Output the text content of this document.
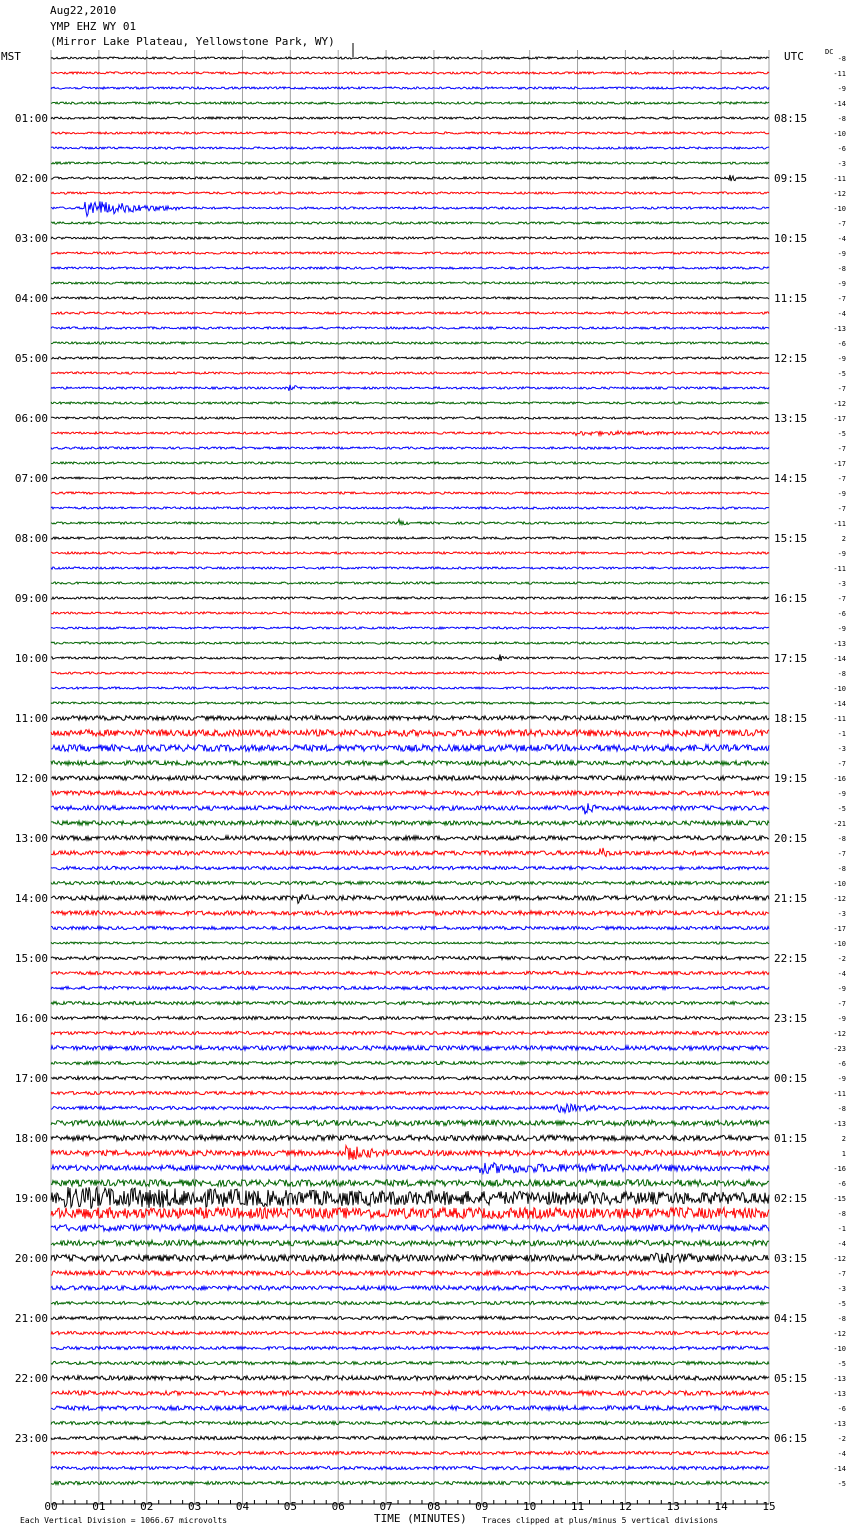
Aug22,2010
YMP EHZ WY 01
(Mirror Lake Plateau, Yellowstone Park, WY)
MST	UTC	DC
00	01	02	03	04	05	06	07	08	09	10	11	12	13	14	15
-8
-11
-9
-14
-8
-10
-6
-3
-11
-12
-10
-7
-4
-9
-8
-9
-7
-4
-13
-6
-9
-5
-7
-12
-17
-5
-7
-17
-7
-9
-7
-11
2
-9
-11
-3
-7
-6
-9
-13
-14
-8
-10
-14
-11
-1
-3
-7
-16
-9
-5
-21
-8
-7
-8
-10
-12
-3
-17
-10
-2
-4
-9
-7
-9
-12
-23
-6
-9
-11
-8
-13
2
1
-16
-6
-15
-8
-1
-4
-12
-7
-3
-5
-8
-12
-10
-5
-13
-13
-6
-13
-2
-4
-14
-5
01:00	08:15
02:00	09:15
03:00	10:15
04:00	11:15
05:00	12:15
06:00	13:15
07:00	14:15
08:00	15:15
09:00	16:15
10:00	17:15
11:00	18:15
12:00	19:15
13:00	20:15
14:00	21:15
15:00	22:15
16:00	23:15
17:00	00:15
18:00	01:15
19:00	02:15
20:00	03:15
21:00	04:15
22:00	05:15
23:00	06:15
Each Vertical Division = 1066.67 microvolts	TIME (MINUTES) Traces clipped at plus/minus 5 vertical divisions
